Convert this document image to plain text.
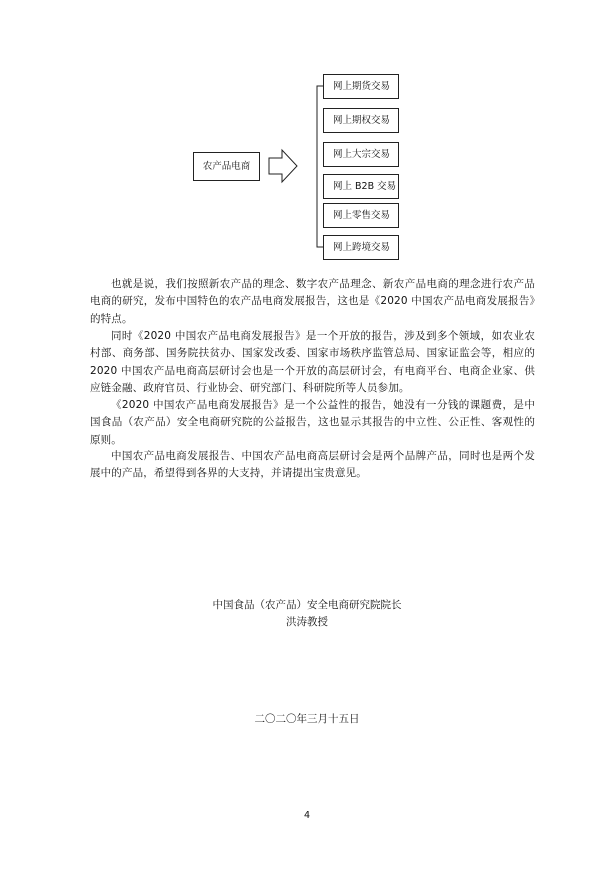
农产品电商
网上期货交易
网上期权交易
网上大宗交易
网上 B2B 交易
网上零售交易
网上跨境交易

也就是说，我们按照新农产品的理念、数字农产品理念、新农产品电商的理念进行农产品电商的研究，发布中国特色的农产品电商发展报告，这也是《2020 中国农产品电商发展报告》的特点。

同时《2020 中国农产品电商发展报告》是一个开放的报告，涉及到多个领域，如农业农村部、商务部、国务院扶贫办、国家发改委、国家市场秩序监管总局、国家证监会等，相应的 2020 中国农产品电商高层研讨会也是一个开放的高层研讨会，有电商平台、电商企业家、供应链金融、政府官员、行业协会、研究部门、科研院所等人员参加。

《2020 中国农产品电商发展报告》是一个公益性的报告，她没有一分钱的课题费，是中国食品（农产品）安全电商研究院的公益报告，这也显示其报告的中立性、公正性、客观性的原则。

中国农产品电商发展报告、中国农产品电商高层研讨会是两个品牌产品，同时也是两个发展中的产品，希望得到各界的大支持，并请提出宝贵意见。

中国食品（农产品）安全电商研究院院长

洪涛教授

二〇二〇年三月十五日

4
